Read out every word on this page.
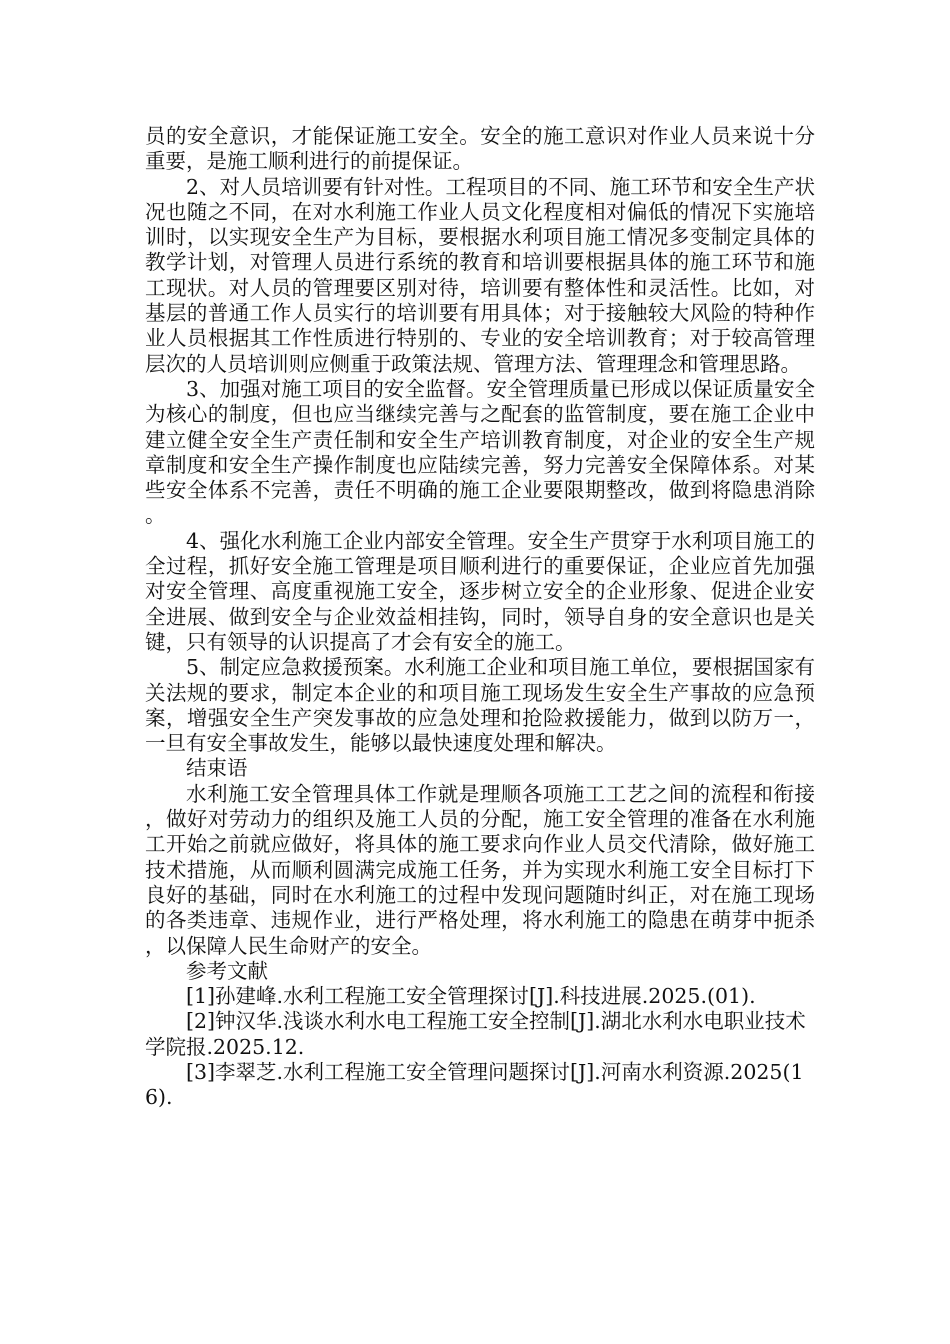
员的安全意识，才能保证施工安全。安全的施工意识对作业人员来说十分重要，是施工顺利进行的前提保证。

2、对人员培训要有针对性。工程项目的不同、施工环节和安全生产状况也随之不同，在对水利施工作业人员文化程度相对偏低的情况下实施培训时，以实现安全生产为目标，要根据水利项目施工情况多变制定具体的教学计划，对管理人员进行系统的教育和培训要根据具体的施工环节和施工现状。对人员的管理要区别对待，培训要有整体性和灵活性。比如，对基层的普通工作人员实行的培训要有用具体；对于接触较大风险的特种作业人员根据其工作性质进行特别的、专业的安全培训教育；对于较高管理层次的人员培训则应侧重于政策法规、管理方法、管理理念和管理思路。

3、加强对施工项目的安全监督。安全管理质量已形成以保证质量安全为核心的制度，但也应当继续完善与之配套的监管制度，要在施工企业中建立健全安全生产责任制和安全生产培训教育制度，对企业的安全生产规章制度和安全生产操作制度也应陆续完善，努力完善安全保障体系。对某些安全体系不完善，责任不明确的施工企业要限期整改，做到将隐患消除。

4、强化水利施工企业内部安全管理。安全生产贯穿于水利项目施工的全过程，抓好安全施工管理是项目顺利进行的重要保证，企业应首先加强对安全管理、高度重视施工安全，逐步树立安全的企业形象、促进企业安全进展、做到安全与企业效益相挂钩，同时，领导自身的安全意识也是关键，只有领导的认识提高了才会有安全的施工。

5、制定应急救援预案。水利施工企业和项目施工单位，要根据国家有关法规的要求，制定本企业的和项目施工现场发生安全生产事故的应急预案，增强安全生产突发事故的应急处理和抢险救援能力，做到以防万一，一旦有安全事故发生，能够以最快速度处理和解决。

结束语

水利施工安全管理具体工作就是理顺各项施工工艺之间的流程和衔接，做好对劳动力的组织及施工人员的分配，施工安全管理的准备在水利施工开始之前就应做好，将具体的施工要求向作业人员交代清除，做好施工技术措施，从而顺利圆满完成施工任务，并为实现水利施工安全目标打下良好的基础，同时在水利施工的过程中发现问题随时纠正，对在施工现场的各类违章、违规作业，进行严格处理，将水利施工的隐患在萌芽中扼杀，以保障人民生命财产的安全。

参考文献

[1]孙建峰.水利工程施工安全管理探讨[J].科技进展.2025.(01).

[2]钟汉华.浅谈水利水电工程施工安全控制[J].湖北水利水电职业技术学院报.2025.12.

[3]李翠芝.水利工程施工安全管理问题探讨[J].河南水利资源.2025(16).
